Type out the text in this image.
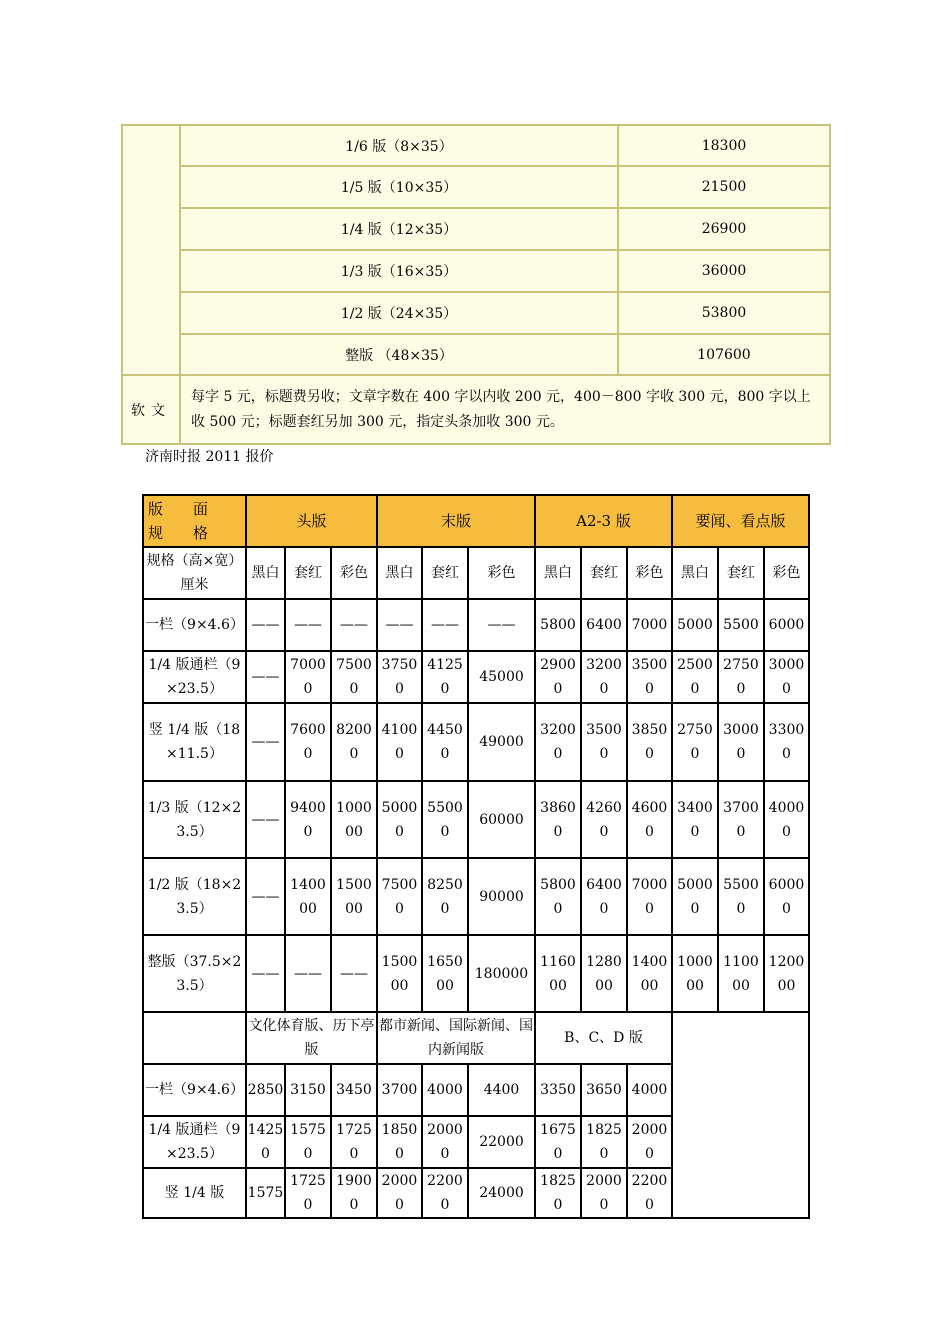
	1/6 版（8×35）	18300
	1/5 版（10×35）	21500
	1/4 版（12×35）	26900
	1/3 版（16×35）	36000
	1/2 版（24×35）	53800
	整版 （48×35）	107600
软文	每字 5 元，标题费另收；文章字数在 400 字以内收 200 元，400－800 字收 300 元，800 字以上收 500 元；标题套红另加 300 元，指定头条加收 300 元。	
济南时报 2011 报价
版　　面
规　　格	头版			末版			A2-3 版			要闻、看点版		
规格（高×宽）厘米	黑白	套红	彩色	黑白	套红	彩色	黑白	套红	彩色	黑白	套红	彩色
一栏（9×4.6）	——	——	——	——	——	——	5800	6400	7000	5000	5500	6000
1/4 版通栏（9×23.5）	——	70000	75000	37500	41250	45000	29000	32000	35000	25000	27500	30000
竖 1/4 版（18×11.5）	——	76000	82000	41000	44500	49000	32000	35000	38500	27500	30000	33000
1/3 版（12×23.5）	——	94000	100000	50000	55000	60000	38600	42600	46000	34000	37000	40000
1/2 版（18×23.5）	——	140000	150000	75000	82500	90000	58000	64000	70000	50000	55000	60000
整版（37.5×23.5）	——	——	——	150000	165000	180000	116000	128000	140000	100000	110000	120000
	文化体育版、历下亭版			都市新闻、国际新闻、国内新闻版			B、C、D 版					
一栏（9×4.6）	2850	3150	3450	3700	4000	4400	3350	3650	4000			
1/4 版通栏（9×23.5）	14250	15750	17250	18500	20000	22000	16750	18250	20000			
竖 1/4 版	1575	17250	19000	20000	22000	24000	18250	20000	22000			
